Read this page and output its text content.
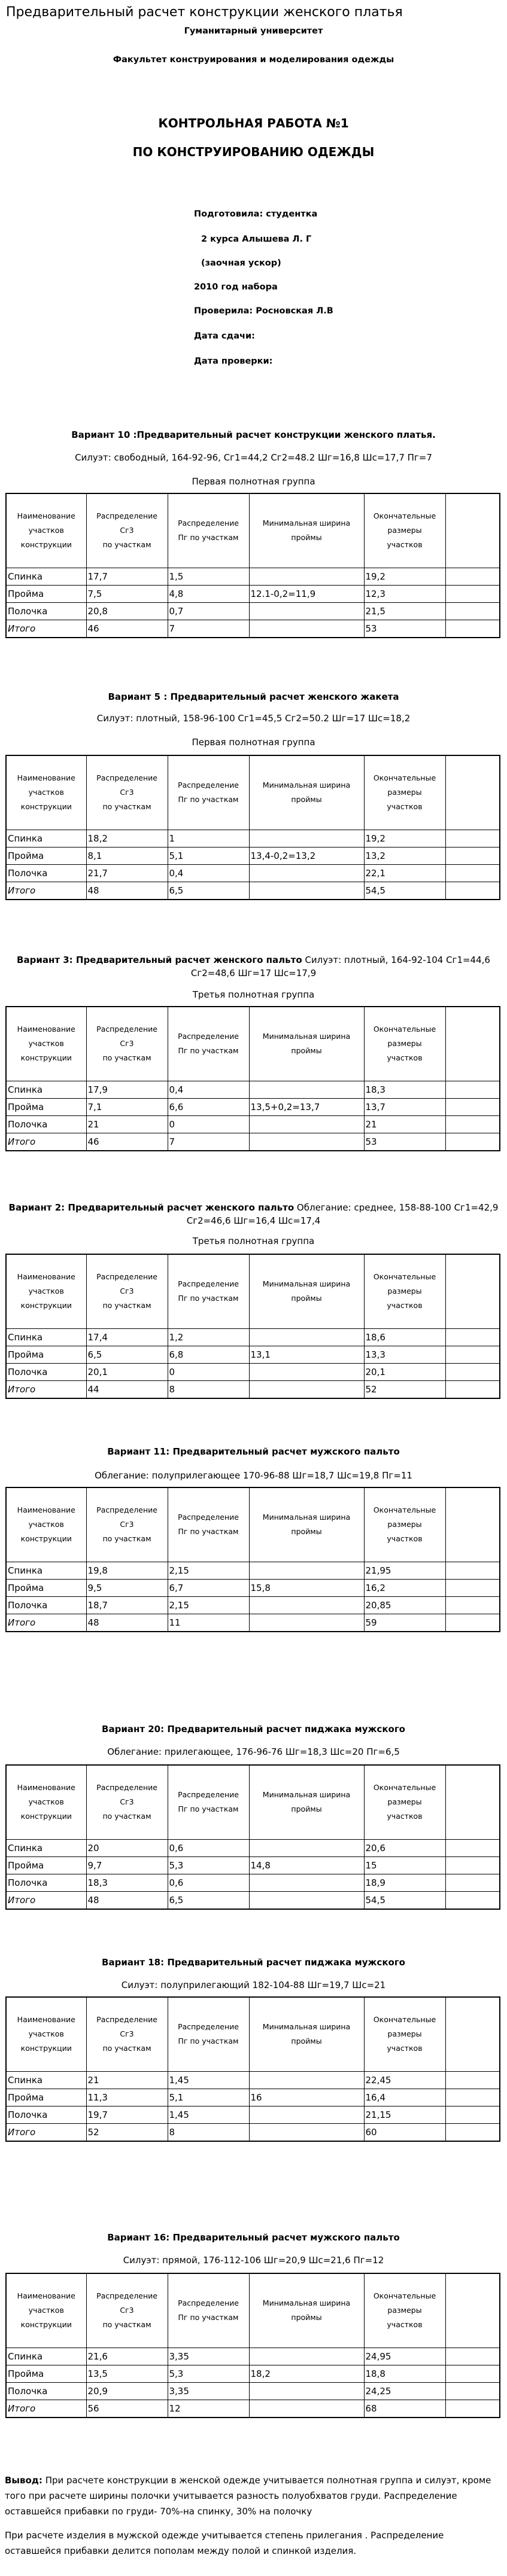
Предварительный расчет конструкции женского платья
Гуманитарный университет
Факультет конструирования и моделирования одежды
КОНТРОЛЬНАЯ РАБОТА №1
ПО КОНСТРУИРОВАНИЮ ОДЕЖДЫ
Подготовила: студентка
2 курса Алышева Л. Г
(заочная ускор)
2010 год набора
Проверила: Росновская Л.В
Дата сдачи:
Дата проверки:
Вариант 10 :Предварительный расчет конструкции женского платья.
Силуэт: свободный, 164-92-96, Сг1=44,2 Сг2=48.2 Шг=16,8 Шс=17,7 Пг=7
Первая полнотная группа
Наименование
участков
конструкции	Распределение
Сг3
по участкам	Распределение
Пг по участкам	Минимальная ширина
проймы	Окончательные
размеры
участков	
Спинка	17,7	1,5		19,2	
Пройма	7,5	4,8	12.1-0,2=11,9	12,3	
Полочка	20,8	0,7		21,5	
Итого	46	7		53	
Вариант 5 : Предварительный расчет женского жакета
Силуэт: плотный, 158-96-100 Сг1=45,5 Сг2=50.2 Шг=17 Шс=18,2
Первая полнотная группа
Наименование
участков
конструкции	Распределение
Сг3
по участкам	Распределение
Пг по участкам	Минимальная ширина
проймы	Окончательные
размеры
участков	
Спинка	18,2	1		19,2	
Пройма	8,1	5,1	13,4-0,2=13,2	13,2	
Полочка	21,7	0,4		22,1	
Итого	48	6,5		54,5	
Вариант 3: Предварительный расчет женского пальто Силуэт: плотный, 164-92-104 Сг1=44,6 Сг2=48,6 Шг=17 Шс=17,9
Третья полнотная группа
Наименование
участков
конструкции	Распределение
Сг3
по участкам	Распределение
Пг по участкам	Минимальная ширина
проймы	Окончательные
размеры
участков	
Спинка	17,9	0,4		18,3	
Пройма	7,1	6,6	13,5+0,2=13,7	13,7	
Полочка	21	0		21	
Итого	46	7		53	
Вариант 2: Предварительный расчет женского пальто Облегание: среднее, 158-88-100 Сг1=42,9 Сг2=46,6 Шг=16,4 Шс=17,4
Третья полнотная группа
Наименование
участков
конструкции	Распределение
Сг3
по участкам	Распределение
Пг по участкам	Минимальная ширина
проймы	Окончательные
размеры
участков	
Спинка	17,4	1,2		18,6	
Пройма	6,5	6,8	13,1	13,3	
Полочка	20,1	0		20,1	
Итого	44	8		52	
Вариант 11: Предварительный расчет мужского пальто
Облегание: полуприлегающее 170-96-88 Шг=18,7 Шс=19,8 Пг=11
Наименование
участков
конструкции	Распределение
Сг3
по участкам	Распределение
Пг по участкам	Минимальная ширина
проймы	Окончательные
размеры
участков	
Спинка	19,8	2,15		21,95	
Пройма	9,5	6,7	15,8	16,2	
Полочка	18,7	2,15		20,85	
Итого	48	11		59	
Вариант 20: Предварительный расчет пиджака мужского
Облегание: прилегающее, 176-96-76 Шг=18,3 Шс=20 Пг=6,5
Наименование
участков
конструкции	Распределение
Сг3
по участкам	Распределение
Пг по участкам	Минимальная ширина
проймы	Окончательные
размеры
участков	
Спинка	20	0,6		20,6	
Пройма	9,7	5,3	14,8	15	
Полочка	18,3	0,6		18,9	
Итого	48	6,5		54,5	
Вариант 18: Предварительный расчет пиджака мужского
Силуэт: полуприлегающий 182-104-88 Шг=19,7 Шс=21
Наименование
участков
конструкции	Распределение
Сг3
по участкам	Распределение
Пг по участкам	Минимальная ширина
проймы	Окончательные
размеры
участков	
Спинка	21	1,45		22,45	
Пройма	11,3	5,1	16	16,4	
Полочка	19,7	1,45		21,15	
Итого	52	8		60	
Вариант 16: Предварительный расчет мужского пальто
Силуэт: прямой, 176-112-106 Шг=20,9 Шс=21,6 Пг=12
Наименование
участков
конструкции	Распределение
Сг3
по участкам	Распределение
Пг по участкам	Минимальная ширина
проймы	Окончательные
размеры
участков	
Спинка	21,6	3,35		24,95	
Пройма	13,5	5,3	18,2	18,8	
Полочка	20,9	3,35		24,25	
Итого	56	12		68	
Вывод: При расчете конструкции в женской одежде учитывается полнотная группа и силуэт, кроме того при расчете ширины полочки учитывается разность полуобхватов груди. Распределение оставшейся прибавки по груди- 70%-на спинку, 30% на полочку
При расчете изделия в мужской одежде учитывается степень прилегания . Распределение оставшейся прибавки делится пополам между полой и спинкой изделия.
